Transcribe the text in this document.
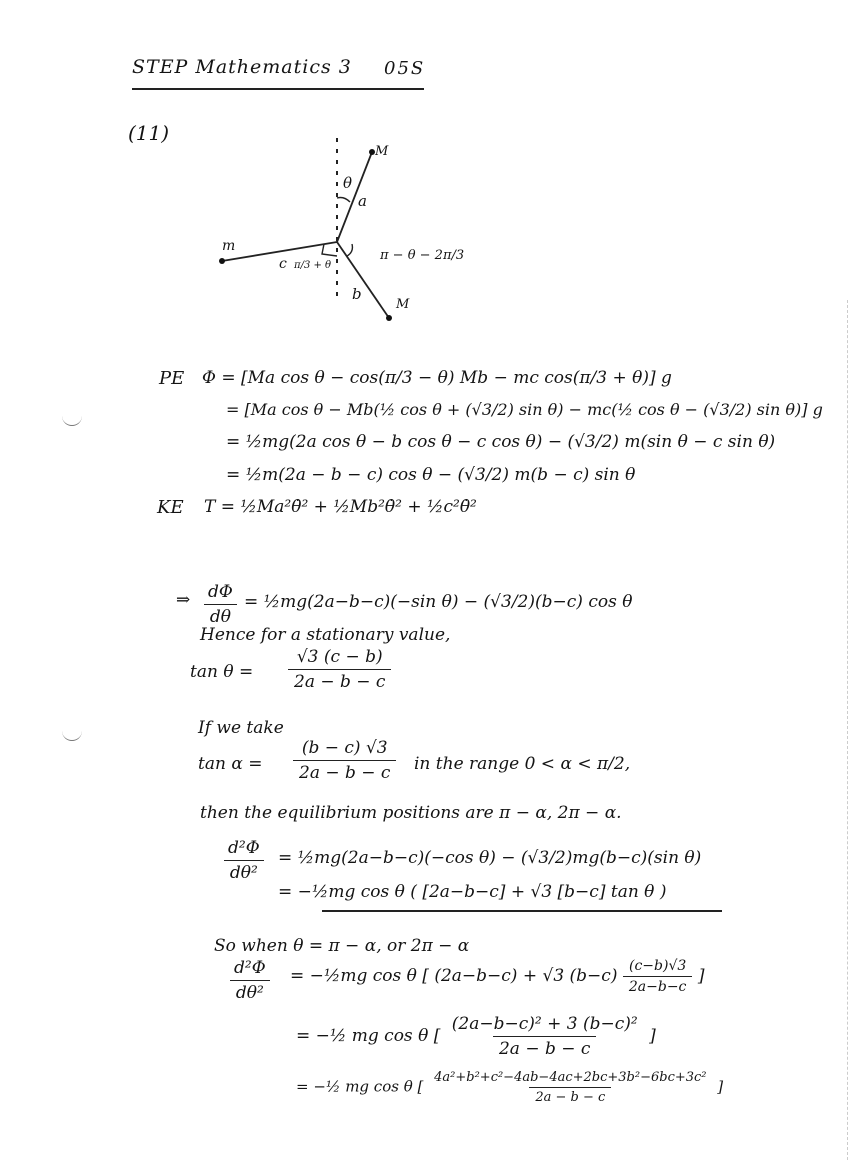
STEP Mathematics 3 05S
(11)
M
m
M
θ
a
b
c π/3 + θ
π − θ − 2π/3
PE Φ = [Ma cos θ − cos(π/3 − θ) Mb − mc cos(π/3 + θ)] g
= [Ma cos θ − Mb(½ cos θ + (√3/2) sin θ) − mc(½ cos θ − (√3/2) sin θ)] g
= ½mg(2a cos θ − b cos θ − c cos θ) − (√3/2) m(sin θ − c sin θ)
= ½m(2a − b − c) cos θ − (√3/2) m(b − c) sin θ
KE T = ½Ma²θ̇² + ½Mb²θ̇² + ½c²θ̇²
⇒ $\frac{d\Phi}{d\theta}$ = ½mg(2a−b−c)(−sin θ) − (√3/2)(b−c) cos θ
Hence for a stationary value,
$\tan \theta = \frac{√3 (c - b)}{2a - b - c}$
If we take
$\tan \alpha = \frac{(b - c) √3}{2a - b - c}$ in the range 0 < α < π/2,
then the equilibrium positions are π − α, 2π − α.
$\frac{\text{d²Φ}}{\text{dθ²}}$ = ½mg(2a−b−c)(−cos θ) − (√3/2)mg(b−c)(sin θ)
= −½mg cos θ ( [2a−b−c] + √3 [b−c] tan θ )
So when θ = π − α, or 2π − α
$\frac{\text{d²Φ}}{\text{dθ²}}$ = −½mg cos θ [ (2a−b−c) + √3 $(b-c) \frac{(c-b)√3}{2a-b-c}$ ]
= −½ mg cos θ [ $\frac{\text{(2a−b−c)² + 3 (b−c)²}}{2a - b - c}$ ]
= −½ mg cos θ [ $\frac{\text{4a²+b²+c²−4ab−4ac+2bc+3b²−6bc+3c²}}{2a - b - c}$ ]
